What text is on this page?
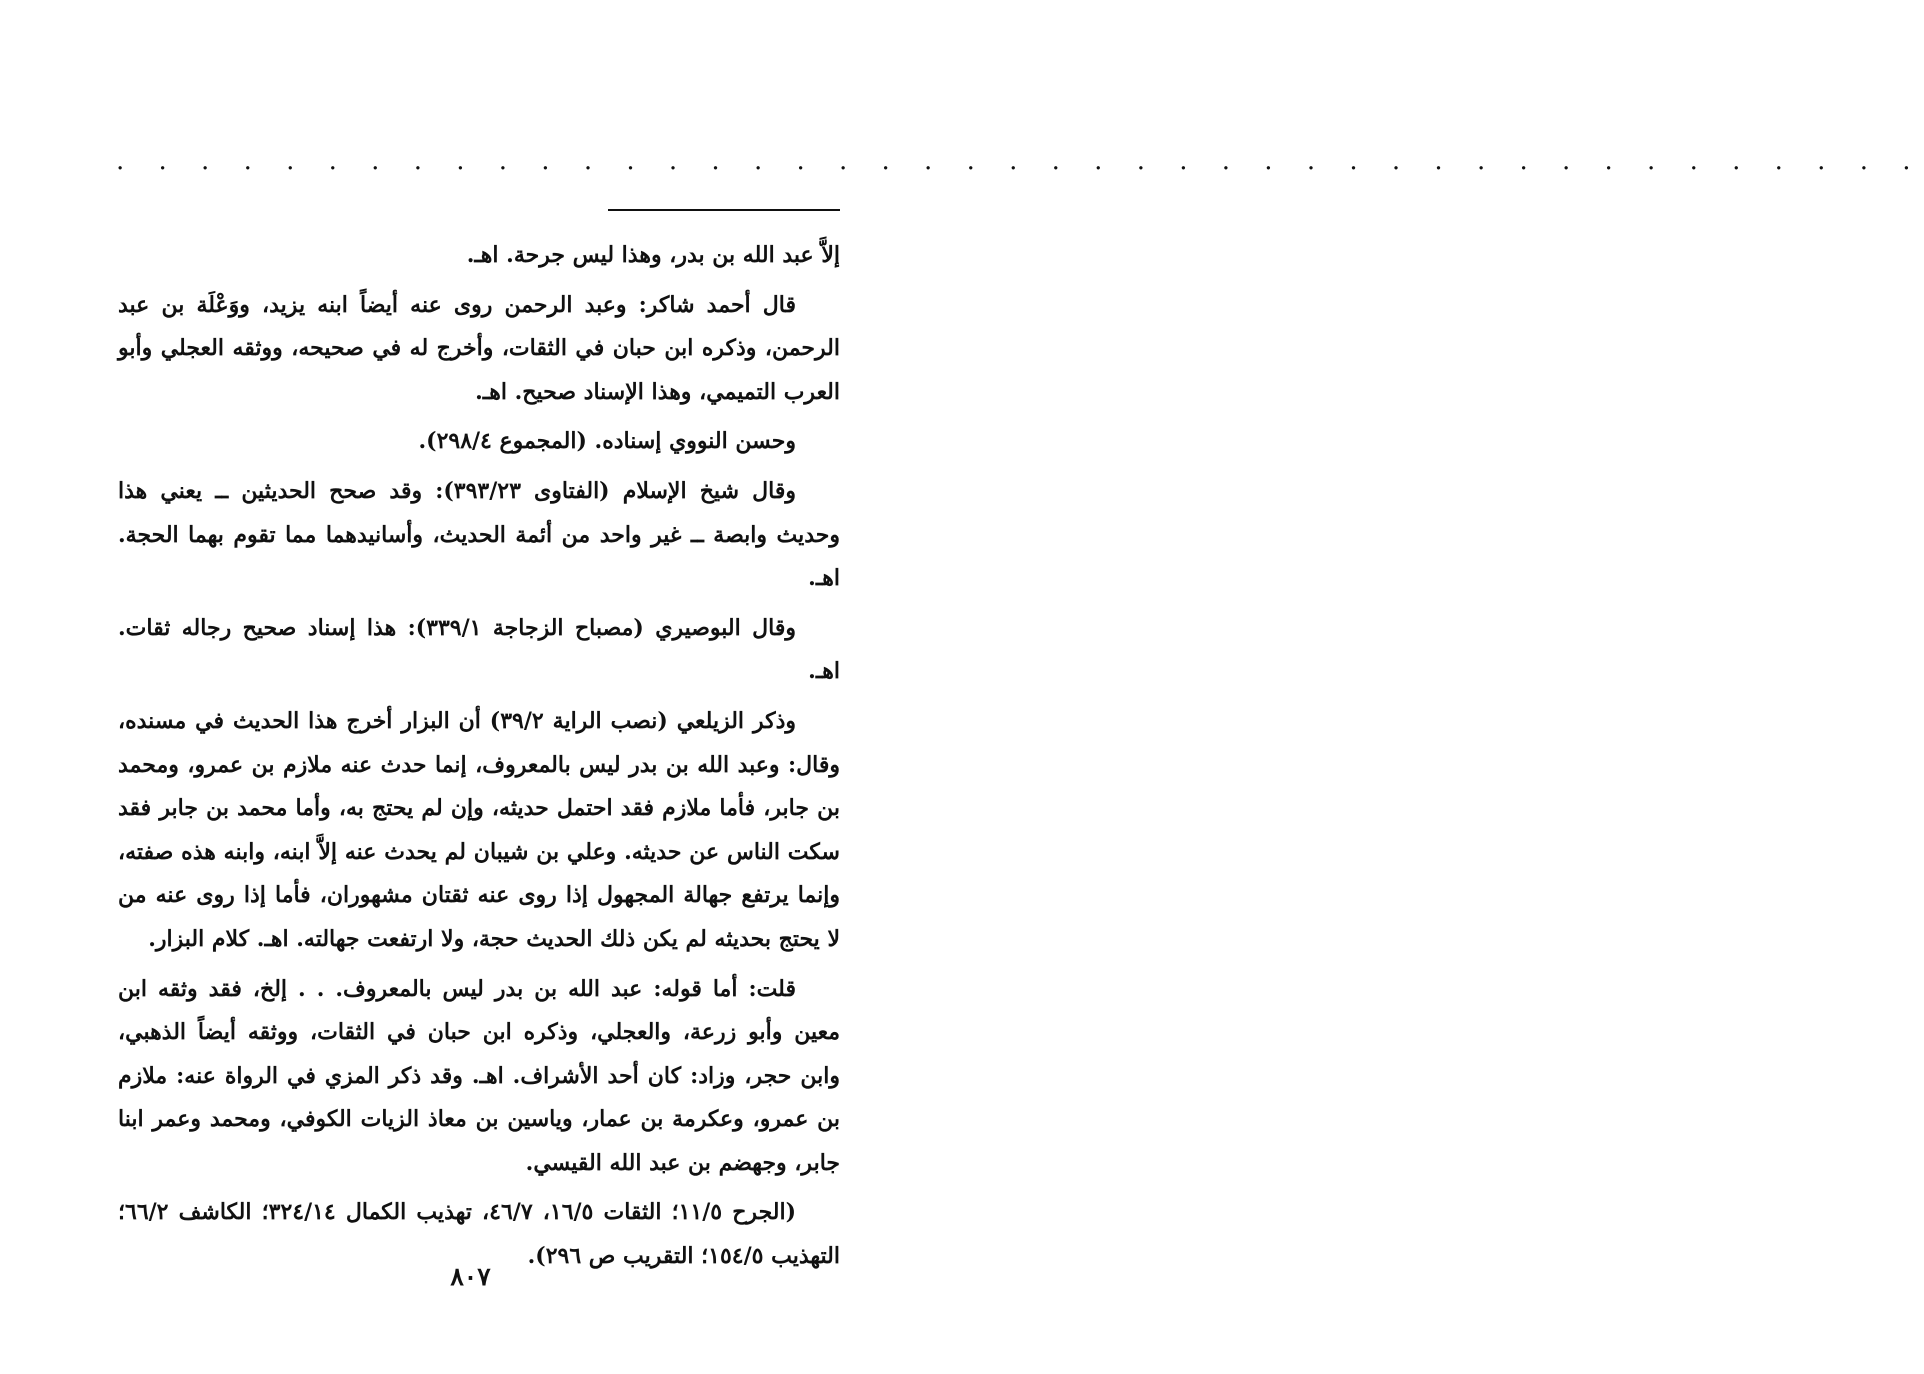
. . . . . . . . . . . . . . . . . . . . . . . . . . . . . . . . . . . . . . . . . . .

إلاَّ عبد الله بن بدر، وهذا ليس جرحة. اهـ.

قال أحمد شاكر: وعبد الرحمن روى عنه أيضاً ابنه يزيد، ووَعْلَة بن عبد الرحمن، وذكره ابن حبان في الثقات، وأخرج له في صحيحه، ووثقه العجلي وأبو العرب التميمي، وهذا الإسناد صحيح. اهـ.

وحسن النووي إسناده. (المجموع ٢٩٨/٤).

وقال شيخ الإسلام (الفتاوى ٣٩٣/٢٣): وقد صحح الحديثين ــ يعني هذا وحديث وابصة ــ غير واحد من أئمة الحديث، وأسانيدهما مما تقوم بهما الحجة. اهـ.

وقال البوصيري (مصباح الزجاجة ٣٣٩/١): هذا إسناد صحيح رجاله ثقات. اهـ.

وذكر الزيلعي (نصب الراية ٣٩/٢) أن البزار أخرج هذا الحديث في مسنده، وقال: وعبد الله بن بدر ليس بالمعروف، إنما حدث عنه ملازم بن عمرو، ومحمد بن جابر، فأما ملازم فقد احتمل حديثه، وإن لم يحتج به، وأما محمد بن جابر فقد سكت الناس عن حديثه. وعلي بن شيبان لم يحدث عنه إلاَّ ابنه، وابنه هذه صفته، وإنما يرتفع جهالة المجهول إذا روى عنه ثقتان مشهوران، فأما إذا روى عنه من لا يحتج بحديثه لم يكن ذلك الحديث حجة، ولا ارتفعت جهالته. اهـ. كلام البزار.

قلت: أما قوله: عبد الله بن بدر ليس بالمعروف. . . إلخ، فقد وثقه ابن معين وأبو زرعة، والعجلي، وذكره ابن حبان في الثقات، ووثقه أيضاً الذهبي، وابن حجر، وزاد: كان أحد الأشراف. اهـ. وقد ذكر المزي في الرواة عنه: ملازم بن عمرو، وعكرمة بن عمار، وياسين بن معاذ الزيات الكوفي، ومحمد وعمر ابنا جابر، وجهضم بن عبد الله القيسي.

(الجرح ١١/٥؛ الثقات ١٦/٥، ٤٦/٧، تهذيب الكمال ٣٢٤/١٤؛ الكاشف ٦٦/٢؛ التهذيب ١٥٤/٥؛ التقريب ص ٢٩٦).

٨٠٧
